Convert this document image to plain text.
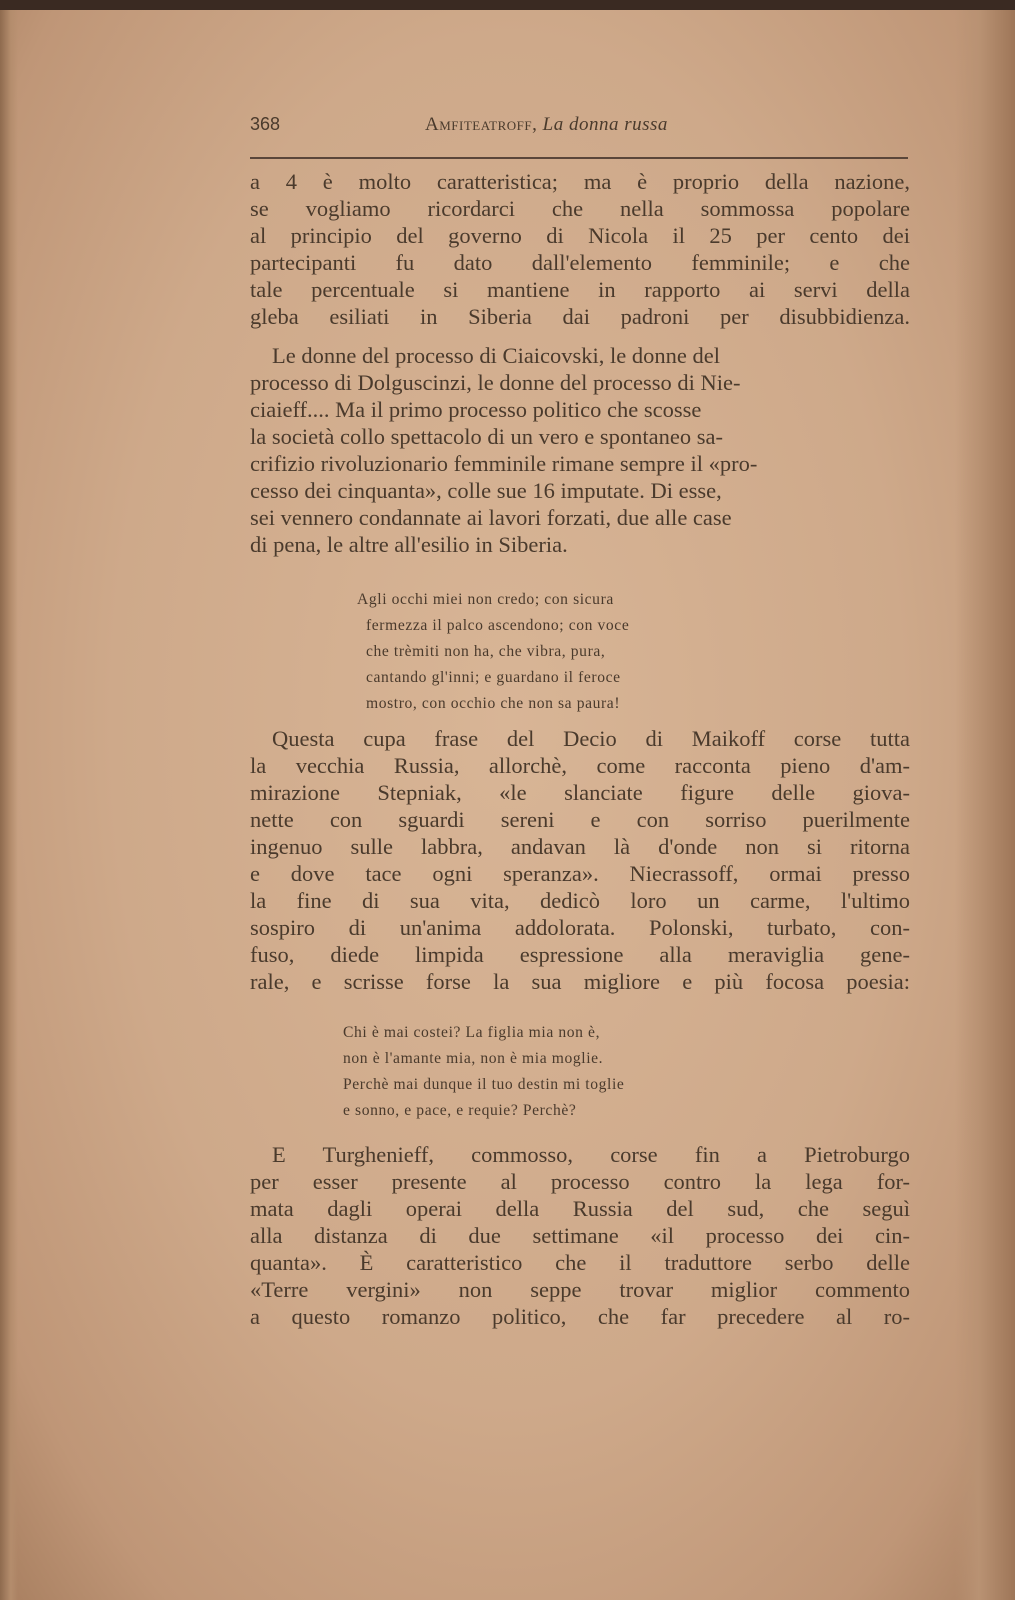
368	Amfiteatroff, La donna russa

a 4 è molto caratteristica; ma è proprio della nazione,
se vogliamo ricordarci che nella sommossa popolare
al principio del governo di Nicola il 25 per cento dei
partecipanti fu dato dall'elemento femminile; e che
tale percentuale si mantiene in rapporto ai servi della
gleba esiliati in Siberia dai padroni per disubbidienza.

Le donne del processo di Ciaicovski, le donne del
processo di Dolguscinzi, le donne del processo di Nie-
ciaieff.... Ma il primo processo politico che scosse
la società collo spettacolo di un vero e spontaneo sa-
crifizio rivoluzionario femminile rimane sempre il «pro-
cesso dei cinquanta», colle sue 16 imputate. Di esse,
sei vennero condannate ai lavori forzati, due alle case
di pena, le altre all'esilio in Siberia.

Agli occhi miei non credo; con sicura
fermezza il palco ascendono; con voce
che trèmiti non ha, che vibra, pura,
cantando gl'inni; e guardano il feroce
mostro, con occhio che non sa paura!

Questa cupa frase del Decio di Maikoff corse tutta
la vecchia Russia, allorchè, come racconta pieno d'am-
mirazione Stepniak, «le slanciate figure delle giova-
nette con sguardi sereni e con sorriso puerilmente
ingenuo sulle labbra, andavan là d'onde non si ritorna
e dove tace ogni speranza». Niecrassoff, ormai presso
la fine di sua vita, dedicò loro un carme, l'ultimo
sospiro di un'anima addolorata. Polonski, turbato, con-
fuso, diede limpida espressione alla meraviglia gene-
rale, e scrisse forse la sua migliore e più focosa poesia:

Chi è mai costei? La figlia mia non è,
non è l'amante mia, non è mia moglie.
Perchè mai dunque il tuo destin mi toglie
e sonno, e pace, e requie? Perchè?

E Turghenieff, commosso, corse fin a Pietroburgo
per esser presente al processo contro la lega for-
mata dagli operai della Russia del sud, che seguì
alla distanza di due settimane «il processo dei cin-
quanta». È caratteristico che il traduttore serbo delle
«Terre vergini» non seppe trovar miglior commento
a questo romanzo politico, che far precedere al ro-
